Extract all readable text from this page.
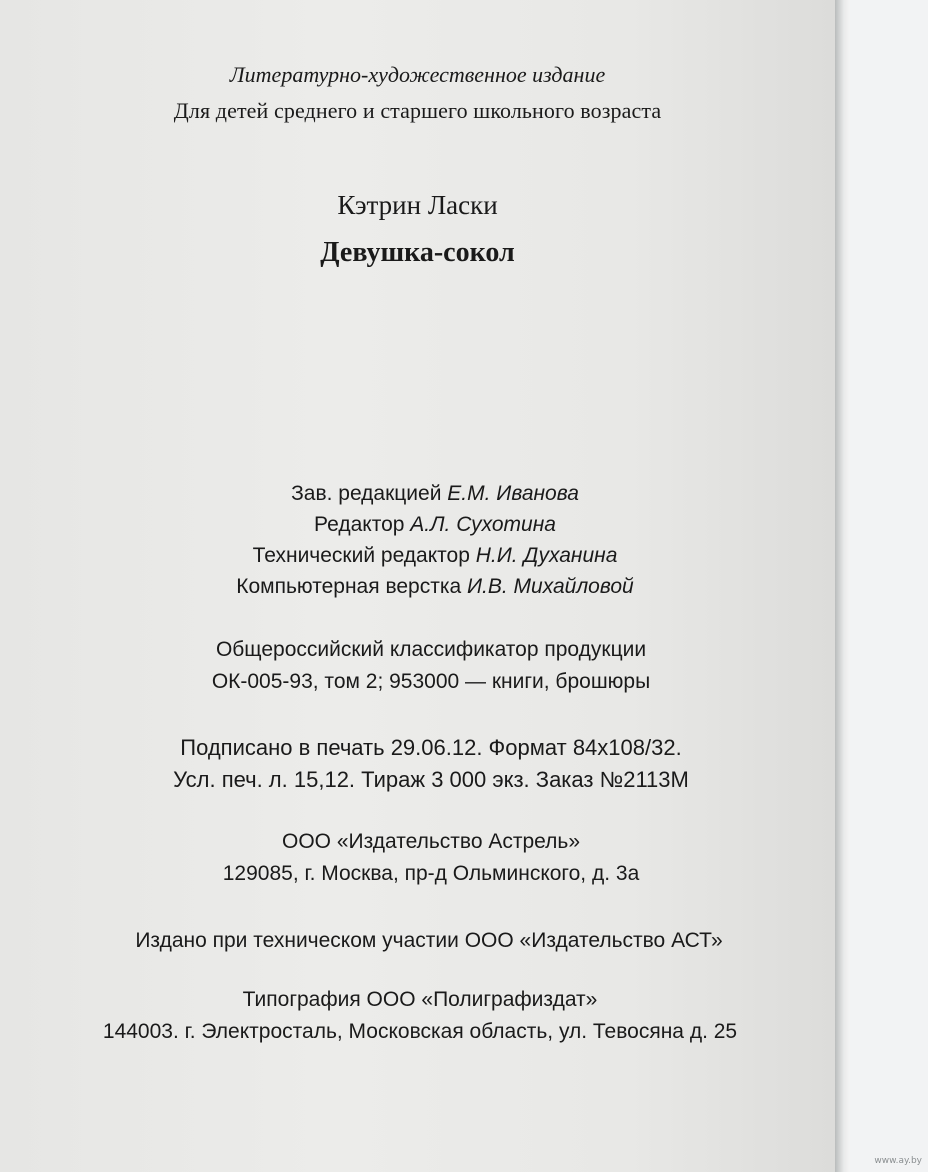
Литературно-художественное издание
Для детей среднего и старшего школьного возраста
Кэтрин Ласки
Девушка-сокол
Зав. редакцией Е.М. Иванова
Редактор А.Л. Сухотина
Технический редактор Н.И. Духанина
Компьютерная верстка И.В. Михайловой
Общероссийский классификатор продукции
ОК-005-93, том 2; 953000 — книги, брошюры
Подписано в печать 29.06.12. Формат 84x108/32.
Усл. печ. л. 15,12. Тираж 3 000 экз. Заказ №2113М
ООО «Издательство Астрель»
129085, г. Москва, пр-д Ольминского, д. 3а
Издано при техническом участии ООО «Издательство АСТ»
Типография ООО «Полиграфиздат»
144003. г. Электросталь, Московская область, ул. Тевосяна д. 25
www.ay.by
